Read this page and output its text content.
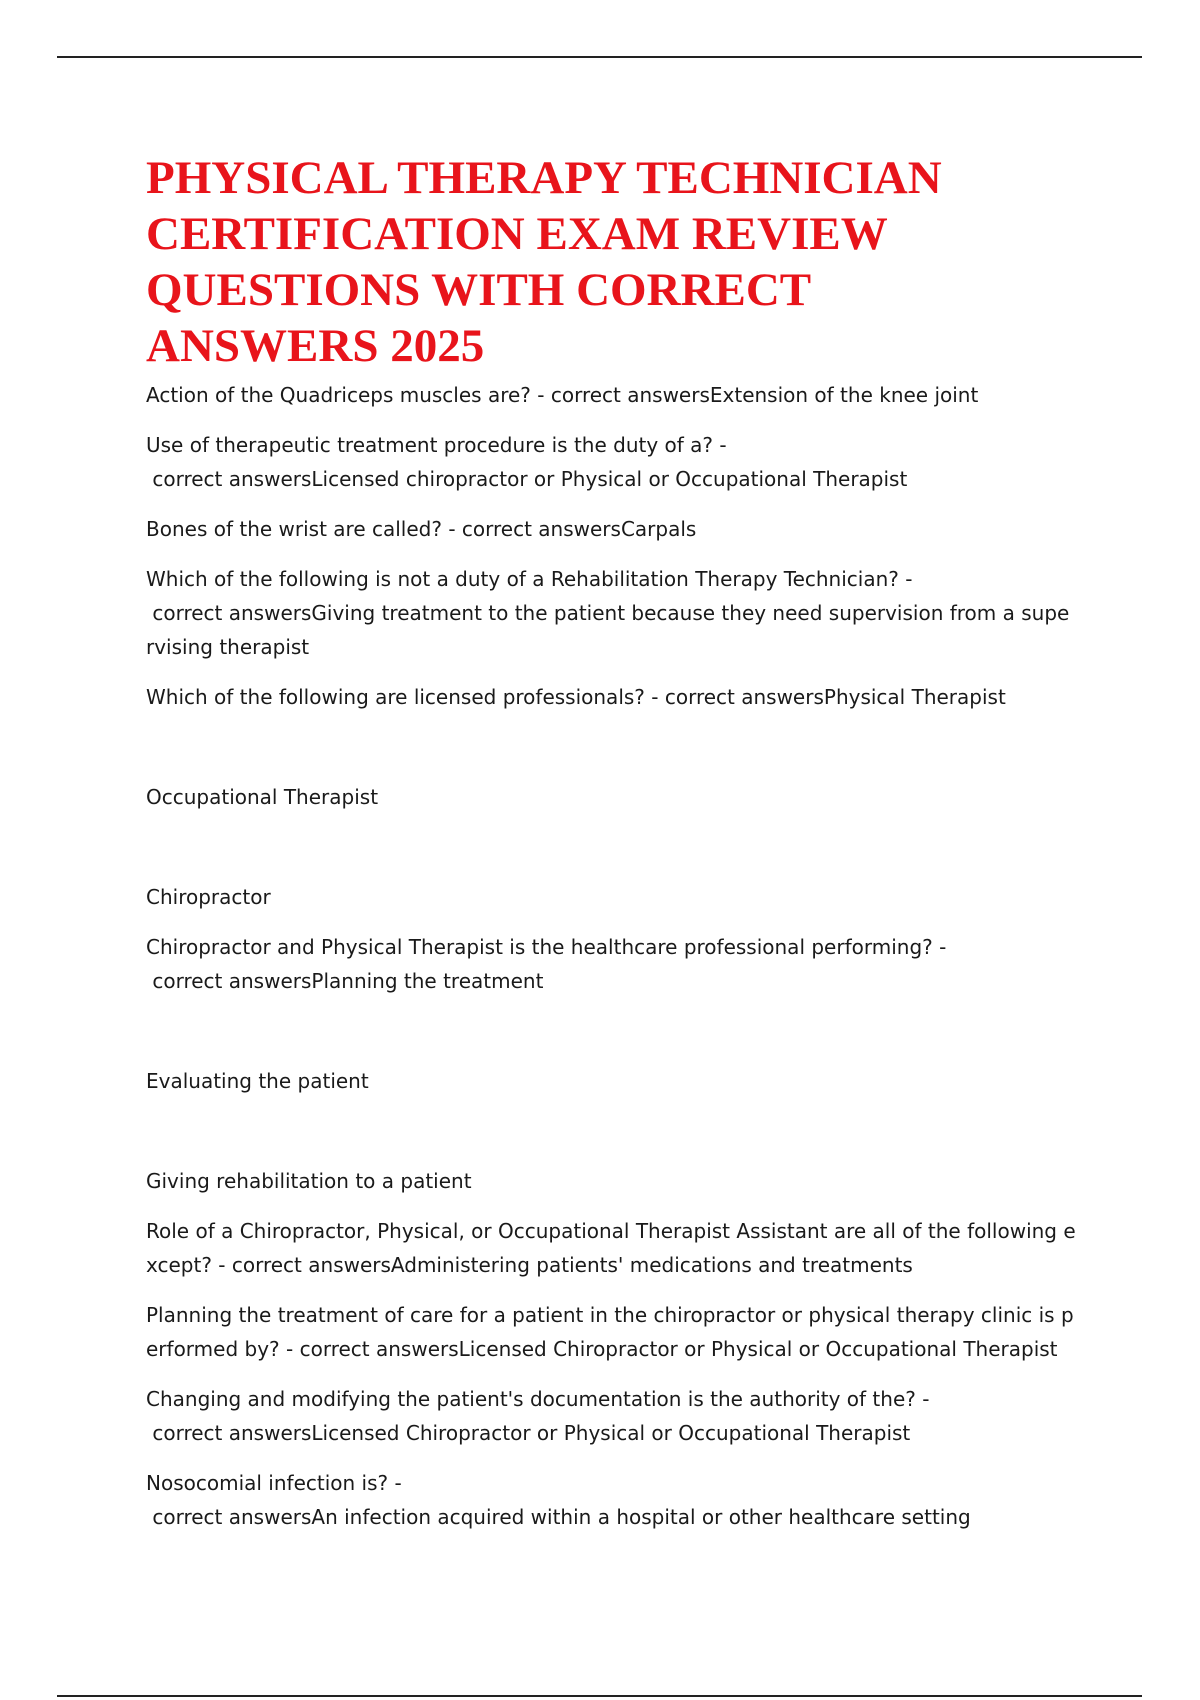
PHYSICAL THERAPY TECHNICIAN
CERTIFICATION EXAM REVIEW
QUESTIONS WITH CORRECT
ANSWERS 2025

Action of the Quadriceps muscles are? - correct answersExtension of the knee joint

Use of therapeutic treatment procedure is the duty of a? -

correct answersLicensed chiropractor or Physical or Occupational Therapist

Bones of the wrist are called? - correct answersCarpals

Which of the following is not a duty of a Rehabilitation Therapy Technician? -

correct answersGiving treatment to the patient because they need supervision from a supe

rvising therapist

Which of the following are licensed professionals? - correct answersPhysical Therapist

Occupational Therapist

Chiropractor

Chiropractor and Physical Therapist is the healthcare professional performing? -

correct answersPlanning the treatment

Evaluating the patient

Giving rehabilitation to a patient

Role of a Chiropractor, Physical, or Occupational Therapist Assistant are all of the following e

xcept? - correct answersAdministering patients' medications and treatments

Planning the treatment of care for a patient in the chiropractor or physical therapy clinic is p

erformed by? - correct answersLicensed Chiropractor or Physical or Occupational Therapist

Changing and modifying the patient's documentation is the authority of the? -

correct answersLicensed Chiropractor or Physical or Occupational Therapist

Nosocomial infection is? -

correct answersAn infection acquired within a hospital or other healthcare setting
